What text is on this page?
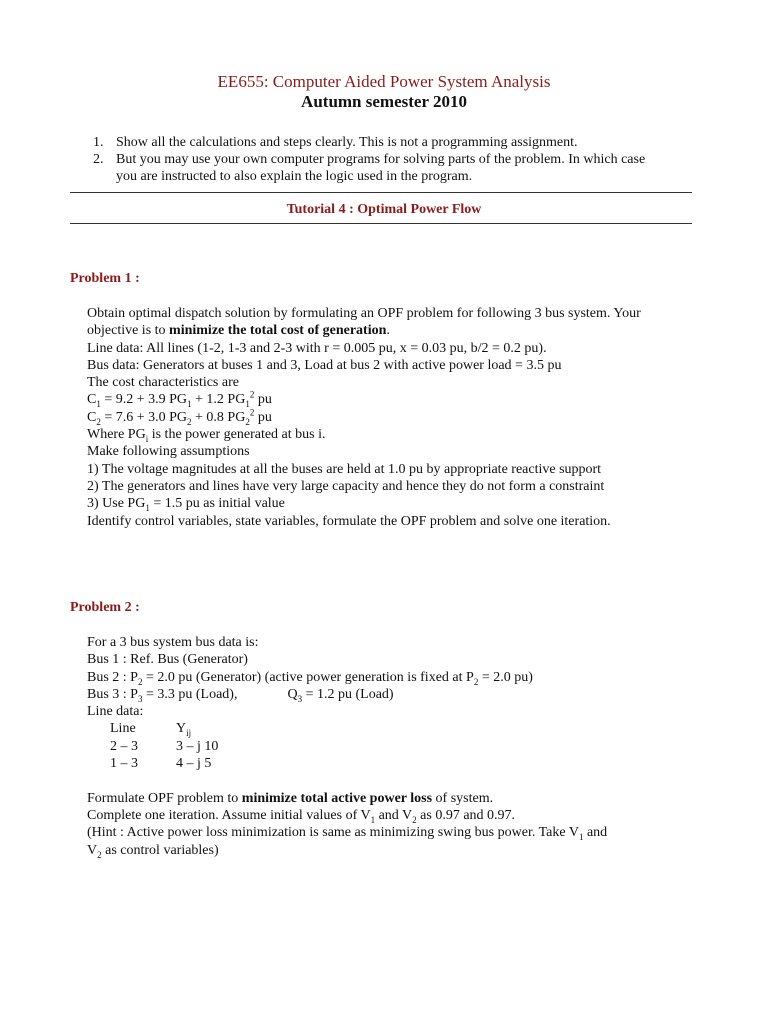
EE655: Computer Aided Power System Analysis
Autumn semester 2010
1. Show all the calculations and steps clearly. This is not a programming assignment.
2. But you may use your own computer programs for solving parts of the problem. In which case you are instructed to also explain the logic used in the program.
Tutorial 4 : Optimal Power Flow
Problem 1 :
Obtain optimal dispatch solution by formulating an OPF problem for following 3 bus system. Your
objective is to minimize the total cost of generation.
Line data: All lines (1-2, 1-3 and 2-3 with r = 0.005 pu, x = 0.03 pu, b/2 = 0.2 pu).
Bus data: Generators at buses 1 and 3, Load at bus 2 with active power load = 3.5 pu
The cost characteristics are
$C_1 = 9.2 + 3.9$ $PG_1 + 1.2$ $PG_1^2$ pu
$C_2 = 7.6 + 3.0$ $PG_2 + 0.8$ $PG_2^2$ pu
Where $PG_i$ is the power generated at bus i.
Make following assumptions
1) The voltage magnitudes at all the buses are held at 1.0 pu by appropriate reactive support
2) The generators and lines have very large capacity and hence they do not form a constraint
3) Use $PG_1 = 1.5$ pu as initial value
Identify control variables, state variables, formulate the OPF problem and solve one iteration.
Problem 2 :
For a 3 bus system bus data is:
Bus 1 : Ref. Bus (Generator)
Bus 2 : $P_2 = 2.0$ pu (Generator) (active power generation is fixed at $P_2 = 2.0$ pu)
Bus 3 : $P_3 = 3.3$ pu (Load),	$Q_3 = 1.2$ pu (Load)
Line data:
Line	$Y_{ij}$
2 – 3	3 – j 10
1 – 3	4 – j 5
Formulate OPF problem to minimize total active power loss of system.
Complete one iteration. Assume initial values of $V_1$ and $V_2$ as 0.97 and 0.97.
(Hint : Active power loss minimization is same as minimizing swing bus power. Take $V_1$ and
$V_2$ as control variables)
